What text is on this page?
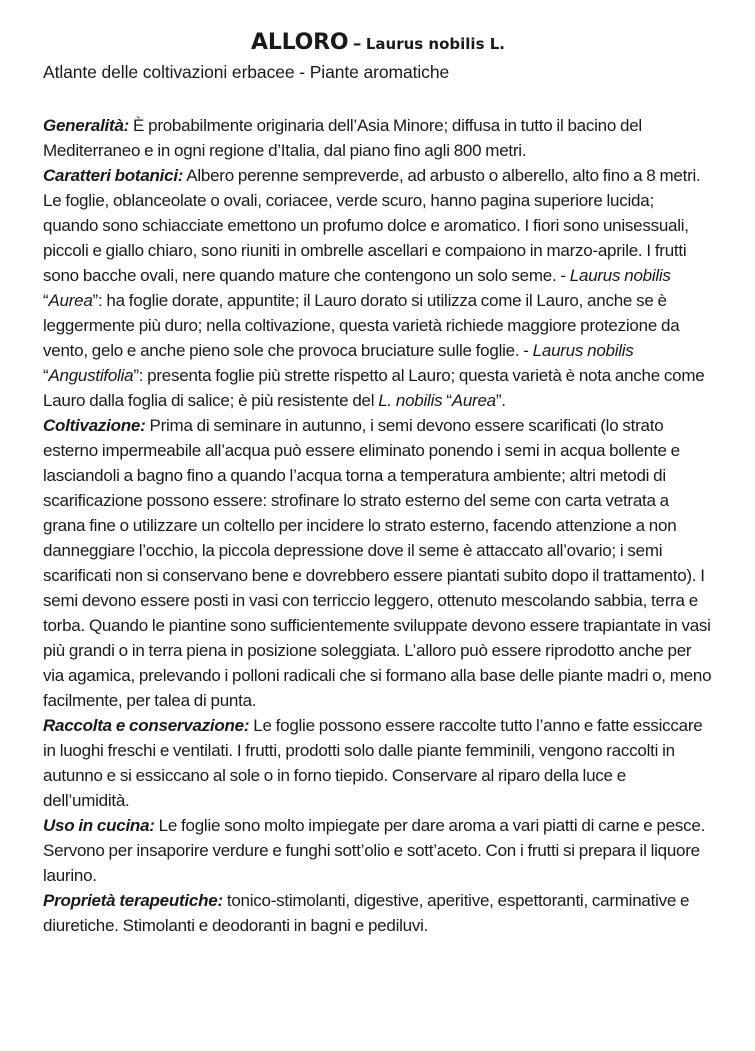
ALLORO – Laurus nobilis L.

Atlante delle coltivazioni erbacee - Piante aromatiche

Generalità: È probabilmente originaria dell’Asia Minore; diffusa in tutto il bacino del Mediterraneo e in ogni regione d’Italia, dal piano fino agli 800 metri.

Caratteri botanici: Albero perenne sempreverde, ad arbusto o alberello, alto fino a 8 metri. Le foglie, oblanceolate o ovali, coriacee, verde scuro, hanno pagina superiore lucida; quando sono schiacciate emettono un profumo dolce e aromatico. I fiori sono unisessuali, piccoli e giallo chiaro, sono riuniti in ombrelle ascellari e compaiono in marzo-aprile. I frutti sono bacche ovali, nere quando mature che contengono un solo seme. - Laurus nobilis “Aurea”: ha foglie dorate, appuntite; il Lauro dorato si utilizza come il Lauro, anche se è leggermente più duro; nella coltivazione, questa varietà richiede maggiore protezione da vento, gelo e anche pieno sole che provoca bruciature sulle foglie. - Laurus nobilis “Angustifolia”: presenta foglie più strette rispetto al Lauro; questa varietà è nota anche come Lauro dalla foglia di salice; è più resistente del L. nobilis “Aurea”.

Coltivazione: Prima di seminare in autunno, i semi devono essere scarificati (lo strato esterno impermeabile all’acqua può essere eliminato ponendo i semi in acqua bollente e lasciandoli a bagno fino a quando l’acqua torna a temperatura ambiente; altri metodi di scarificazione possono essere: strofinare lo strato esterno del seme con carta vetrata a grana fine o utilizzare un coltello per incidere lo strato esterno, facendo attenzione a non danneggiare l’occhio, la piccola depressione dove il seme è attaccato all’ovario; i semi scarificati non si conservano bene e dovrebbero essere piantati subito dopo il trattamento). I semi devono essere posti in vasi con terriccio leggero, ottenuto mescolando sabbia, terra e torba. Quando le piantine sono sufficientemente sviluppate devono essere trapiantate in vasi più grandi o in terra piena in posizione soleggiata. L’alloro può essere riprodotto anche per via agamica, prelevando i polloni radicali che si formano alla base delle piante madri o, meno facilmente, per talea di punta.

Raccolta e conservazione: Le foglie possono essere raccolte tutto l’anno e fatte essiccare in luoghi freschi e ventilati. I frutti, prodotti solo dalle piante femminili, vengono raccolti in autunno e si essiccano al sole o in forno tiepido. Conservare al riparo della luce e dell’umidità.

Uso in cucina: Le foglie sono molto impiegate per dare aroma a vari piatti di carne e pesce. Servono per insaporire verdure e funghi sott’olio e sott’aceto. Con i frutti si prepara il liquore laurino.

Proprietà terapeutiche: tonico-stimolanti, digestive, aperitive, espettoranti, carminative e diuretiche. Stimolanti e deodoranti in bagni e pediluvi.
